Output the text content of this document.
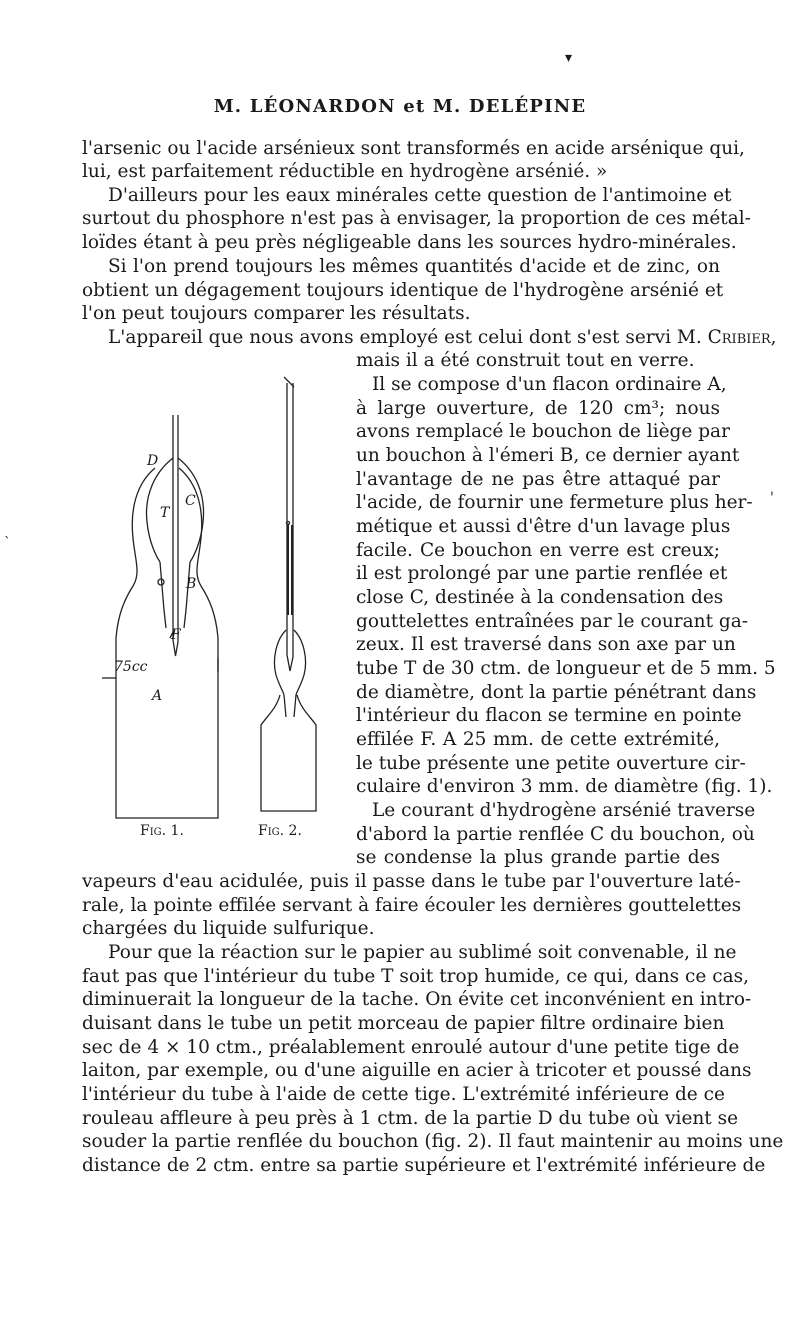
M. LÉONARDON et M. DELÉPINE
▾
`
'
l'arsenic ou l'acide arsénieux sont transformés en acide arsénique qui,
lui, est parfaitement réductible en hydrogène arsénié. »
D'ailleurs pour les eaux minérales cette question de l'antimoine et
surtout du phosphore n'est pas à envisager, la proportion de ces métal-
loïdes étant à peu près négligeable dans les sources hydro-minérales.
Si l'on prend toujours les mêmes quantités d'acide et de zinc, on
obtient un dégagement toujours identique de l'hydrogène arsénié et
l'on peut toujours comparer les résultats.
L'appareil que nous avons employé est celui dont s'est servi M. Cribier,
mais il a été construit tout en verre.
Il se compose d'un flacon ordinaire A,
à large ouverture, de 120 cm³; nous
avons remplacé le bouchon de liège par
un bouchon à l'émeri B, ce dernier ayant
l'avantage de ne pas être attaqué par
l'acide, de fournir une fermeture plus her-
métique et aussi d'être d'un lavage plus
facile. Ce bouchon en verre est creux;
il est prolongé par une partie renflée et
close C, destinée à la condensation des
gouttelettes entraînées par le courant ga-
zeux. Il est traversé dans son axe par un
tube T de 30 ctm. de longueur et de 5 mm. 5
de diamètre, dont la partie pénétrant dans
l'intérieur du flacon se termine en pointe
effilée F. A 25 mm. de cette extrémité,
le tube présente une petite ouverture cir-
culaire d'environ 3 mm. de diamètre (fig. 1).
Le courant d'hydrogène arsénié traverse
d'abord la partie renflée C du bouchon, où
se condense la plus grande partie des
vapeurs d'eau acidulée, puis il passe dans le tube par l'ouverture laté-
rale, la pointe effilée servant à faire écouler les dernières gouttelettes
chargées du liquide sulfurique.
Pour que la réaction sur le papier au sublimé soit convenable, il ne
faut pas que l'intérieur du tube T soit trop humide, ce qui, dans ce cas,
diminuerait la longueur de la tache. On évite cet inconvénient en intro-
duisant dans le tube un petit morceau de papier filtre ordinaire bien
sec de 4 × 10 ctm., préalablement enroulé autour d'une petite tige de
laiton, par exemple, ou d'une aiguille en acier à tricoter et poussé dans
l'intérieur du tube à l'aide de cette tige. L'extrémité inférieure de ce
rouleau affleure à peu près à 1 ctm. de la partie D du tube où vient se
souder la partie renflée du bouchon (fig. 2). Il faut maintenir au moins une
distance de 2 ctm. entre sa partie supérieure et l'extrémité inférieure de
D
T
C
B
F
75cc
A
Fig. 1.	Fig. 2.
